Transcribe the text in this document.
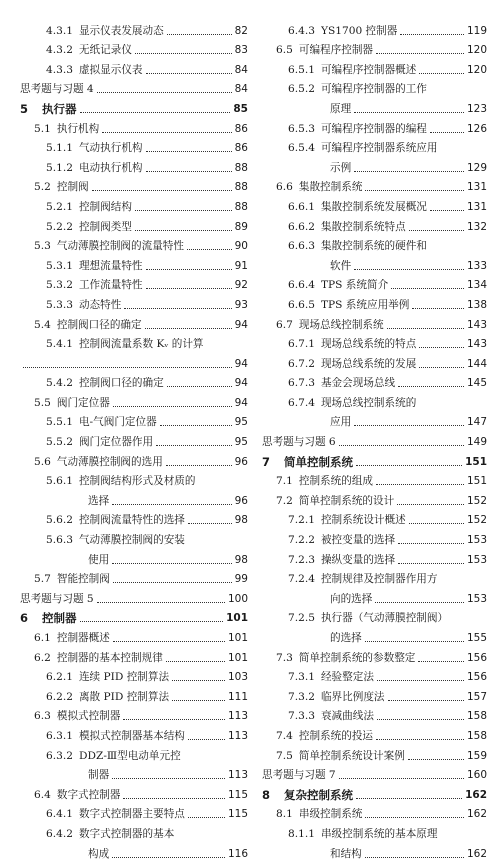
4.3.1 显示仪表发展动态	82
4.3.2 无纸记录仪	83
4.3.3 虚拟显示仪表	84
思考题与习题 4	84
5 执行器	85
5.1 执行机构	86
5.1.1 气动执行机构	86
5.1.2 电动执行机构	88
5.2 控制阀	88
5.2.1 控制阀结构	88
5.2.2 控制阀类型	89
5.3 气动薄膜控制阀的流量特性	90
5.3.1 理想流量特性	91
5.3.2 工作流量特性	92
5.3.3 动态特性	93
5.4 控制阀口径的确定	94
5.4.1 控制阀流量系数 Kᵥ 的计算
94
5.4.2 控制阀口径的确定	94
5.5 阀门定位器	94
5.5.1 电-气阀门定位器	95
5.5.2 阀门定位器作用	95
5.6 气动薄膜控制阀的选用	96
5.6.1 控制阀结构形式及材质的
选择	96
5.6.2 控制阀流量特性的选择	98
5.6.3 气动薄膜控制阀的安装
使用	98
5.7 智能控制阀	99
思考题与习题 5	100
6 控制器	101
6.1 控制器概述	101
6.2 控制器的基本控制规律	101
6.2.1 连续 PID 控制算法	103
6.2.2 离散 PID 控制算法	111
6.3 模拟式控制器	113
6.3.1 模拟式控制器基本结构	113
6.3.2 DDZ-Ⅲ型电动单元控
制器	113
6.4 数字式控制器	115
6.4.1 数字式控制器主要特点	115
6.4.2 数字式控制器的基本
构成	116
6.4.3 YS1700 控制器	119
6.5 可编程序控制器	120
6.5.1 可编程序控制器概述	120
6.5.2 可编程序控制器的工作
原理	123
6.5.3 可编程序控制器的编程	126
6.5.4 可编程序控制器系统应用
示例	129
6.6 集散控制系统	131
6.6.1 集散控制系统发展概况	131
6.6.2 集散控制系统特点	132
6.6.3 集散控制系统的硬件和
软件	133
6.6.4 TPS 系统简介	134
6.6.5 TPS 系统应用举例	138
6.7 现场总线控制系统	143
6.7.1 现场总线系统的特点	143
6.7.2 现场总线系统的发展	144
6.7.3 基金会现场总线	145
6.7.4 现场总线控制系统的
应用	147
思考题与习题 6	149
7 简单控制系统	151
7.1 控制系统的组成	151
7.2 简单控制系统的设计	152
7.2.1 控制系统设计概述	152
7.2.2 被控变量的选择	153
7.2.3 操纵变量的选择	153
7.2.4 控制规律及控制器作用方
向的选择	153
7.2.5 执行器（气动薄膜控制阀）
的选择	155
7.3 简单控制系统的参数整定	156
7.3.1 经验整定法	156
7.3.2 临界比例度法	157
7.3.3 衰减曲线法	158
7.4 控制系统的投运	158
7.5 简单控制系统设计案例	159
思考题与习题 7	160
8 复杂控制系统	162
8.1 串级控制系统	162
8.1.1 串级控制系统的基本原理
和结构	162
